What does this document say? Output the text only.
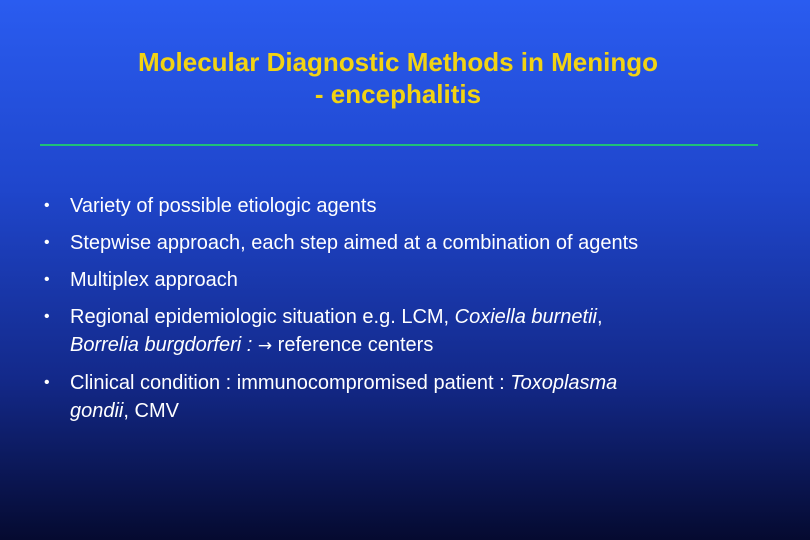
Molecular Diagnostic Methods in Meningo
- encephalitis
• Variety of possible etiologic agents
• Stepwise approach, each step aimed at a combination of agents
• Multiplex approach
• Regional epidemiologic situation e.g. LCM, Coxiella burnetii,
Borrelia burgdorferi : → reference centers
• Clinical condition : immunocompromised patient : Toxoplasma
gondii, CMV
